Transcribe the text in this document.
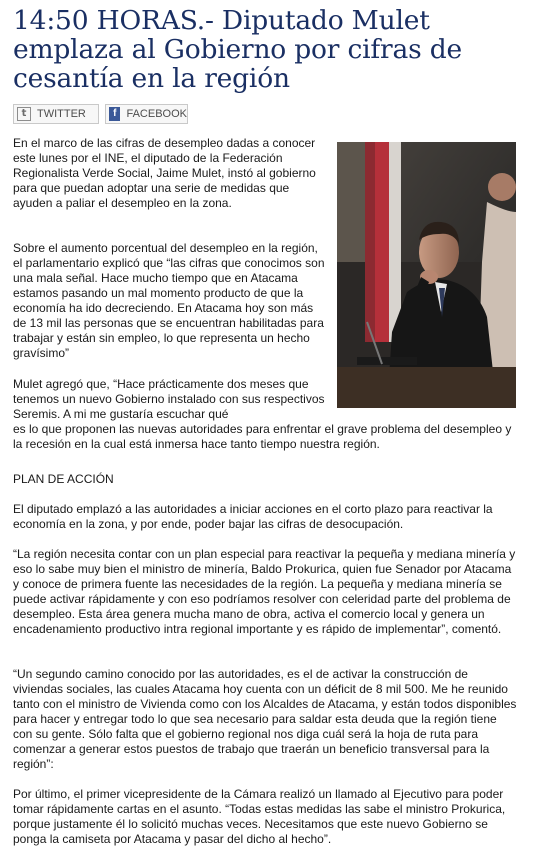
14:50 HORAS.- Diputado Mulet emplaza al Gobierno por cifras de cesantía en la región
t TWITTER	f FACEBOOK

En el marco de las cifras de desempleo dadas a conocer este lunes por el INE, el diputado de la Federación Regionalista Verde Social, Jaime Mulet, instó al gobierno para que puedan adoptar una serie de medidas que ayuden a paliar el desempleo en la zona.

Sobre el aumento porcentual del desempleo en la región, el parlamentario explicó que “las cifras que conocimos son una mala señal. Hace mucho tiempo que en Atacama estamos pasando un mal momento producto de que la economía ha ido decreciendo. En Atacama hoy son más de 13 mil las personas que se encuentran habilitadas para trabajar y están sin empleo, lo que representa un hecho gravísimo”

Mulet agregó que, “Hace prácticamente dos meses que tenemos un nuevo Gobierno instalado con sus respectivos Seremis. A mi me gustaría escuchar qué

es lo que proponen las nuevas autoridades para enfrentar el grave problema del desempleo y la recesión en la cual está inmersa hace tanto tiempo nuestra región.

PLAN DE ACCIÓN

El diputado emplazó a las autoridades a iniciar acciones en el corto plazo para reactivar la economía en la zona, y por ende, poder bajar las cifras de desocupación.

“La región necesita contar con un plan especial para reactivar la pequeña y mediana minería y eso lo sabe muy bien el ministro de minería, Baldo Prokurica, quien fue Senador por Atacama y conoce de primera fuente las necesidades de la región. La pequeña y mediana minería se puede activar rápidamente y con eso podríamos resolver con celeridad parte del problema de desempleo. Esta área genera mucha mano de obra, activa el comercio local y genera un encadenamiento productivo intra regional importante y es rápido de implementar”, comentó.

“Un segundo camino conocido por las autoridades, es el de activar la construcción de viviendas sociales, las cuales Atacama hoy cuenta con un déficit de 8 mil 500. Me he reunido tanto con el ministro de Vivienda como con los Alcaldes de Atacama, y están todos disponibles para hacer y entregar todo lo que sea necesario para saldar esta deuda que la región tiene con su gente. Sólo falta que el gobierno regional nos diga cuál será la hoja de ruta para comenzar a generar estos puestos de trabajo que traerán un beneficio transversal para la región”:

Por último, el primer vicepresidente de la Cámara realizó un llamado al Ejecutivo para poder tomar rápidamente cartas en el asunto. “Todas estas medidas las sabe el ministro Prokurica, porque justamente él lo solicitó muchas veces. Necesitamos que este nuevo Gobierno se ponga la camiseta por Atacama y pasar del dicho al hecho”.
